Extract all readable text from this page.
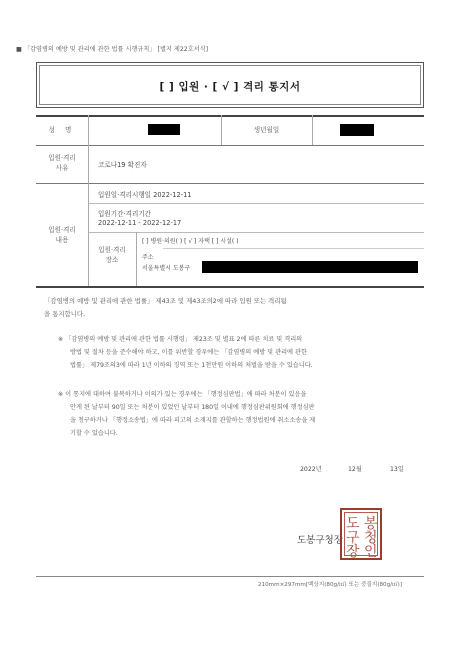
■ 「감염병의 예방 및 관리에 관한 법률 시행규칙」 [별지 제22호서식]
[ ] 입원 · [ √ ] 격리 통지서
성 명	생년월일
입원·격리
사유	코로나19 확진자
입원·격리
내용
입원일·격리시행일 2022-12-11
입원기간·격리기간
2022-12-11 - 2022-12-17
입원·격리
장소
[ ] 병원·의원( ) [ √ ] 자택 [ ] 시설( )
주소
서울특별시 도봉구
「감염병의 예방 및 관리에 관한 법률」 제43조 및 제43조의2에 따라 입원 또는 격리됨
을 통지합니다.
※ 「감염병의 예방 및 관리에 관한 법률 시행령」 제23조 및 별표 2에 따른 치료 및 격리의
방법 및 절차 등을 준수해야 하고, 이를 위반할 경우에는 「감염병의 예방 및 관리에 관한
법률」 제79조의3에 따라 1년 이하의 징역 또는 1천만원 이하의 처벌을 받을 수 있습니다.
※ 이 통지에 대하여 불복하거나 이의가 있는 경우에는 「행정심판법」에 따라 처분이 있음을
안게 된 날부터 90일 또는 처분이 있었던 날부터 180일 이내에 행정심판위원회에 행정심판
을 청구하거나 「행정소송법」에 따라 피고의 소재지를 관할하는 행정법원에 취소소송을 제
기할 수 있습니다.
2022년	12월	13일
도봉구청장
도 봉
구 청
장 인
210mm×297mm[백상지(80g/㎡) 또는 중질지(80g/㎡)]
